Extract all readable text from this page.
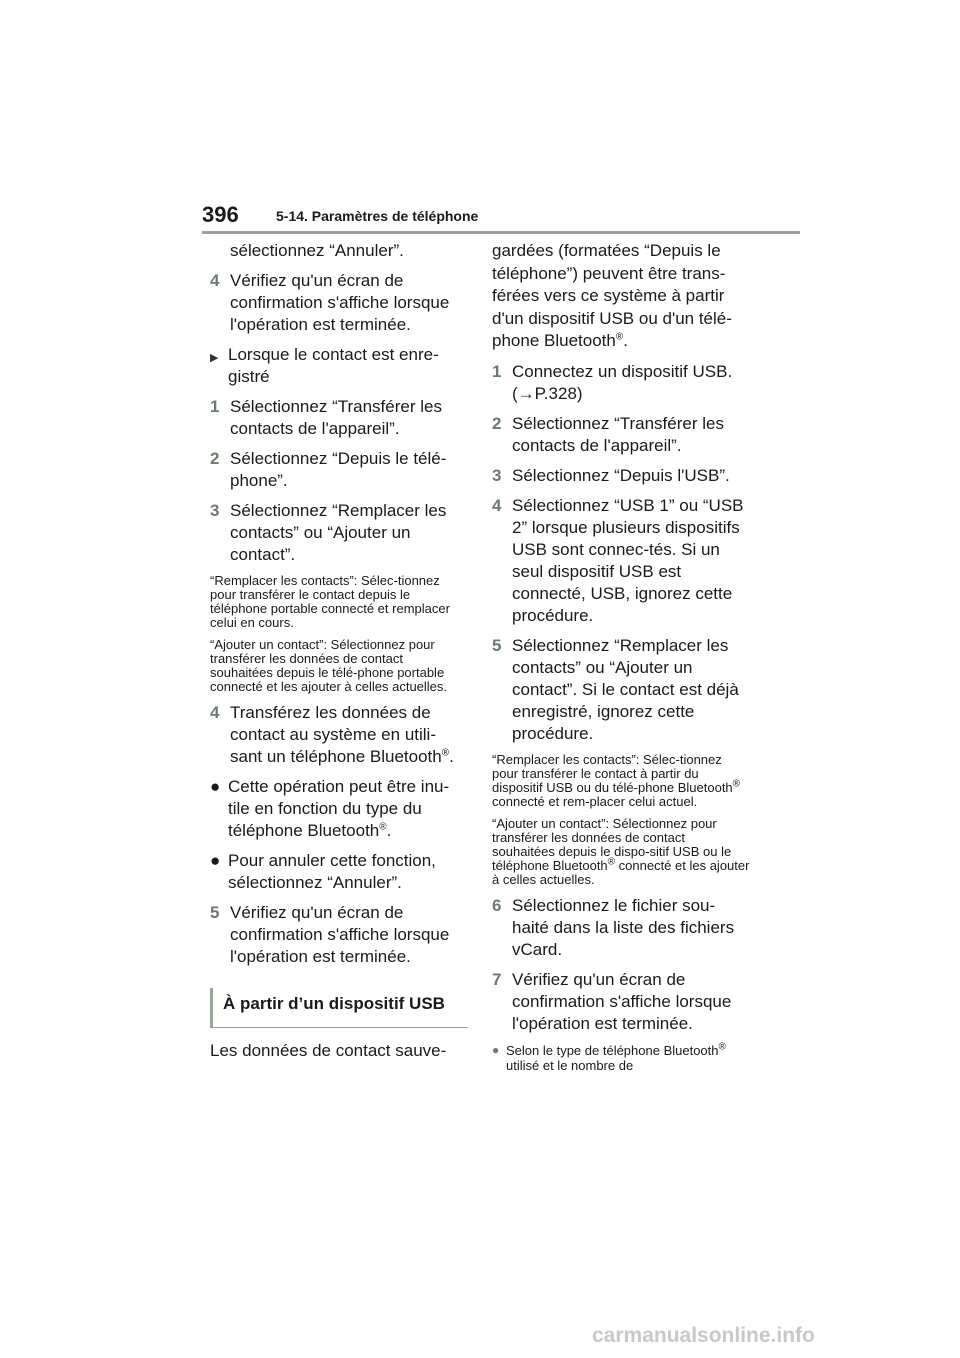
396	5-14. Paramètres de téléphone
sélectionnez “Annuler”.
4 Vérifiez qu'un écran de confirmation s'affiche lorsque l'opération est terminée.
▶ Lorsque le contact est enre-gistré
1 Sélectionnez “Transférer les contacts de l'appareil”.
2 Sélectionnez “Depuis le télé-phone”.
3 Sélectionnez “Remplacer les contacts” ou “Ajouter un contact”.
“Remplacer les contacts”: Sélec-tionnez pour transférer le contact depuis le téléphone portable connecté et remplacer celui en cours.
“Ajouter un contact”: Sélectionnez pour transférer les données de contact souhaitées depuis le télé-phone portable connecté et les ajouter à celles actuelles.
4 Transférez les données de contact au système en utili-sant un téléphone Bluetooth®.
● Cette opération peut être inu-tile en fonction du type du téléphone Bluetooth®.
● Pour annuler cette fonction, sélectionnez “Annuler”.
5 Vérifiez qu'un écran de confirmation s'affiche lorsque l'opération est terminée.
À partir d’un dispositif USB
Les données de contact sauve-
gardées (formatées “Depuis le téléphone”) peuvent être trans-férées vers ce système à partir d'un dispositif USB ou d'un télé-phone Bluetooth®.
1 Connectez un dispositif USB.
(→P.328)
2 Sélectionnez “Transférer les contacts de l'appareil”.
3 Sélectionnez “Depuis l'USB”.
4 Sélectionnez “USB 1” ou “USB 2” lorsque plusieurs dispositifs USB sont connec-tés. Si un seul dispositif USB est connecté, USB, ignorez cette procédure.
5 Sélectionnez “Remplacer les contacts” ou “Ajouter un contact”. Si le contact est déjà enregistré, ignorez cette procédure.
“Remplacer les contacts”: Sélec-tionnez pour transférer le contact à partir du dispositif USB ou du télé-phone Bluetooth® connecté et rem-placer celui actuel.
“Ajouter un contact”: Sélectionnez pour transférer les données de contact souhaitées depuis le dispo-sitif USB ou le téléphone Bluetooth® connecté et les ajouter à celles actuelles.
6 Sélectionnez le fichier sou-haité dans la liste des fichiers vCard.
7 Vérifiez qu'un écran de confirmation s'affiche lorsque l'opération est terminée.
● Selon le type de téléphone Bluetooth® utilisé et le nombre de
carmanualsonline.info
